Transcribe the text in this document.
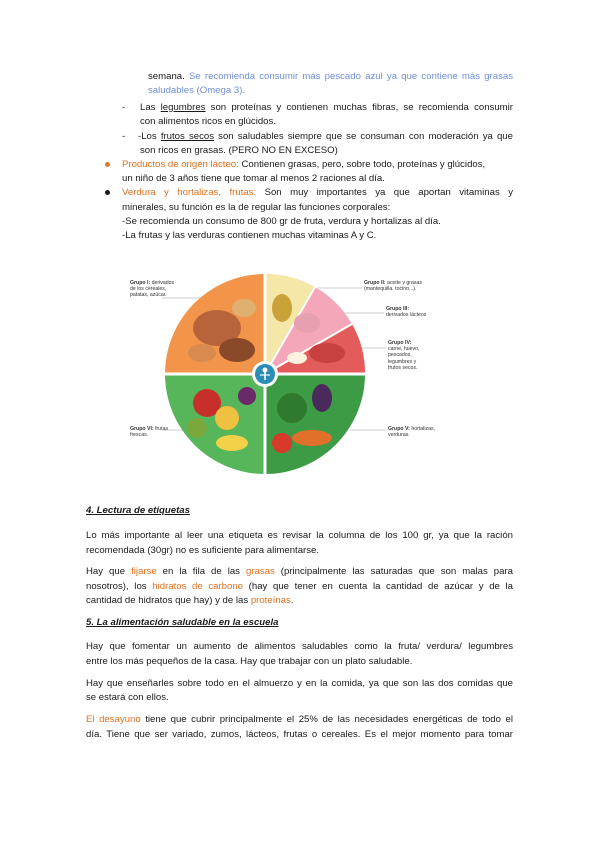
semana. Se recomienda consumir más pescado azul ya que contiene más grasas
saludables (Omega 3).
- Las legumbres son proteínas y contienen muchas fibras, se recomienda consumir
con alimentos ricos en glúcidos.
- -Los frutos secos son saludables siempre que se consuman con moderación ya que
son ricos en grasas. (PERO NO EN EXCESO)
Productos de origen lácteo: Contienen grasas, pero, sobre todo, proteínas y glúcidos,
un niño de 3 años tiene que tomar al menos 2 raciones al día.
Verdura y hortalizas, frutas: Son muy importantes ya que aportan vitaminas y
minerales, su función es la de regular las funciones corporales:
-Se recomienda un consumo de 800 gr de fruta, verdura y hortalizas al día.
-La frutas y las verduras contienen muchas vitaminas A y C.
Grupo I: derivados
de los cereales,
patatas, azúcar.
Grupo II: aceite y grasas
(mantequilla, tocino...).
Grupo III:
derivados lácteos
Grupo IV:
carne, huevo,
pescados,
legumbres y
frutos secos.
Grupo V: hortalizas,
verduras.
Grupo VI: frutas
frescas.
4. Lectura de etiquetas
Lo más importante al leer una etiqueta es revisar la columna de los 100 gr, ya que la ración
recomendada (30gr) no es suficiente para alimentarse.
Hay que fijarse en la fila de las grasas (principalmente las saturadas que son malas para
nosotros), los hidratos de carbono (hay que tener en cuenta la cantidad de azúcar y de la
cantidad de hidratos que hay) y de las proteínas.
5. La alimentación saludable en la escuela
Hay que fomentar un aumento de alimentos saludables como la fruta/ verdura/ legumbres
entre los más pequeños de la casa. Hay que trabajar con un plato saludable.
Hay que enseñarles sobre todo en el almuerzo y en la comida, ya que son las dos comidas que
se estará con ellos.
El desayuno tiene que cubrir principalmente el 25% de las necesidades energéticas de todo el
día. Tiene que ser variado, zumos, lácteos, frutas o cereales. Es el mejor momento para tomar
